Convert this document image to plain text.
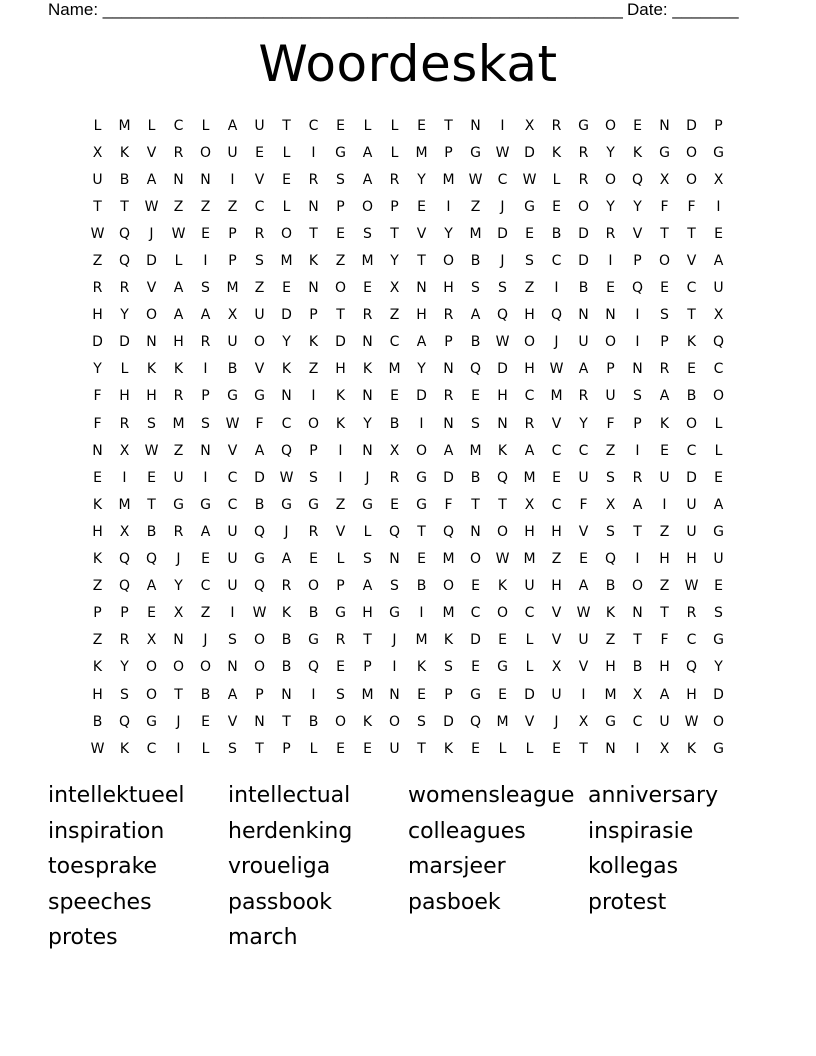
Name: _______________________________________________________ Date: _______
Woordeskat
L	M	L	C	L	A	U	T	C	E	L	L	E	T	N	I	X	R	G	O	E	N	D	P
X	K	V	R	O	U	E	L	I	G	A	L	M	P	G	W	D	K	R	Y	K	G	O	G
U	B	A	N	N	I	V	E	R	S	A	R	Y	M	W	C	W	L	R	O	Q	X	O	X
T	T	W	Z	Z	Z	C	L	N	P	O	P	E	I	Z	J	G	E	O	Y	Y	F	F	I
W	Q	J	W	E	P	R	O	T	E	S	T	V	Y	M	D	E	B	D	R	V	T	T	E
Z	Q	D	L	I	P	S	M	K	Z	M	Y	T	O	B	J	S	C	D	I	P	O	V	A
R	R	V	A	S	M	Z	E	N	O	E	X	N	H	S	S	Z	I	B	E	Q	E	C	U
H	Y	O	A	A	X	U	D	P	T	R	Z	H	R	A	Q	H	Q	N	N	I	S	T	X
D	D	N	H	R	U	O	Y	K	D	N	C	A	P	B	W	O	J	U	O	I	P	K	Q
Y	L	K	K	I	B	V	K	Z	H	K	M	Y	N	Q	D	H	W	A	P	N	R	E	C
F	H	H	R	P	G	G	N	I	K	N	E	D	R	E	H	C	M	R	U	S	A	B	O
F	R	S	M	S	W	F	C	O	K	Y	B	I	N	S	N	R	V	Y	F	P	K	O	L
N	X	W	Z	N	V	A	Q	P	I	N	X	O	A	M	K	A	C	C	Z	I	E	C	L
E	I	E	U	I	C	D	W	S	I	J	R	G	D	B	Q	M	E	U	S	R	U	D	E
K	M	T	G	G	C	B	G	G	Z	G	E	G	F	T	T	X	C	F	X	A	I	U	A
H	X	B	R	A	U	Q	J	R	V	L	Q	T	Q	N	O	H	H	V	S	T	Z	U	G
K	Q	Q	J	E	U	G	A	E	L	S	N	E	M	O	W	M	Z	E	Q	I	H	H	U
Z	Q	A	Y	C	U	Q	R	O	P	A	S	B	O	E	K	U	H	A	B	O	Z	W	E
P	P	E	X	Z	I	W	K	B	G	H	G	I	M	C	O	C	V	W	K	N	T	R	S
Z	R	X	N	J	S	O	B	G	R	T	J	M	K	D	E	L	V	U	Z	T	F	C	G
K	Y	O	O	O	N	O	B	Q	E	P	I	K	S	E	G	L	X	V	H	B	H	Q	Y
H	S	O	T	B	A	P	N	I	S	M	N	E	P	G	E	D	U	I	M	X	A	H	D
B	Q	G	J	E	V	N	T	B	O	K	O	S	D	Q	M	V	J	X	G	C	U	W	O
W	K	C	I	L	S	T	P	L	E	E	U	T	K	E	L	L	E	T	N	I	X	K	G
intellektueel	intellectual	womensleague anniversary
inspiration	herdenking	colleagues	inspirasie
toesprake	vroueliga	marsjeer	kollegas
speeches	passbook	pasboek	protest
protes	march
